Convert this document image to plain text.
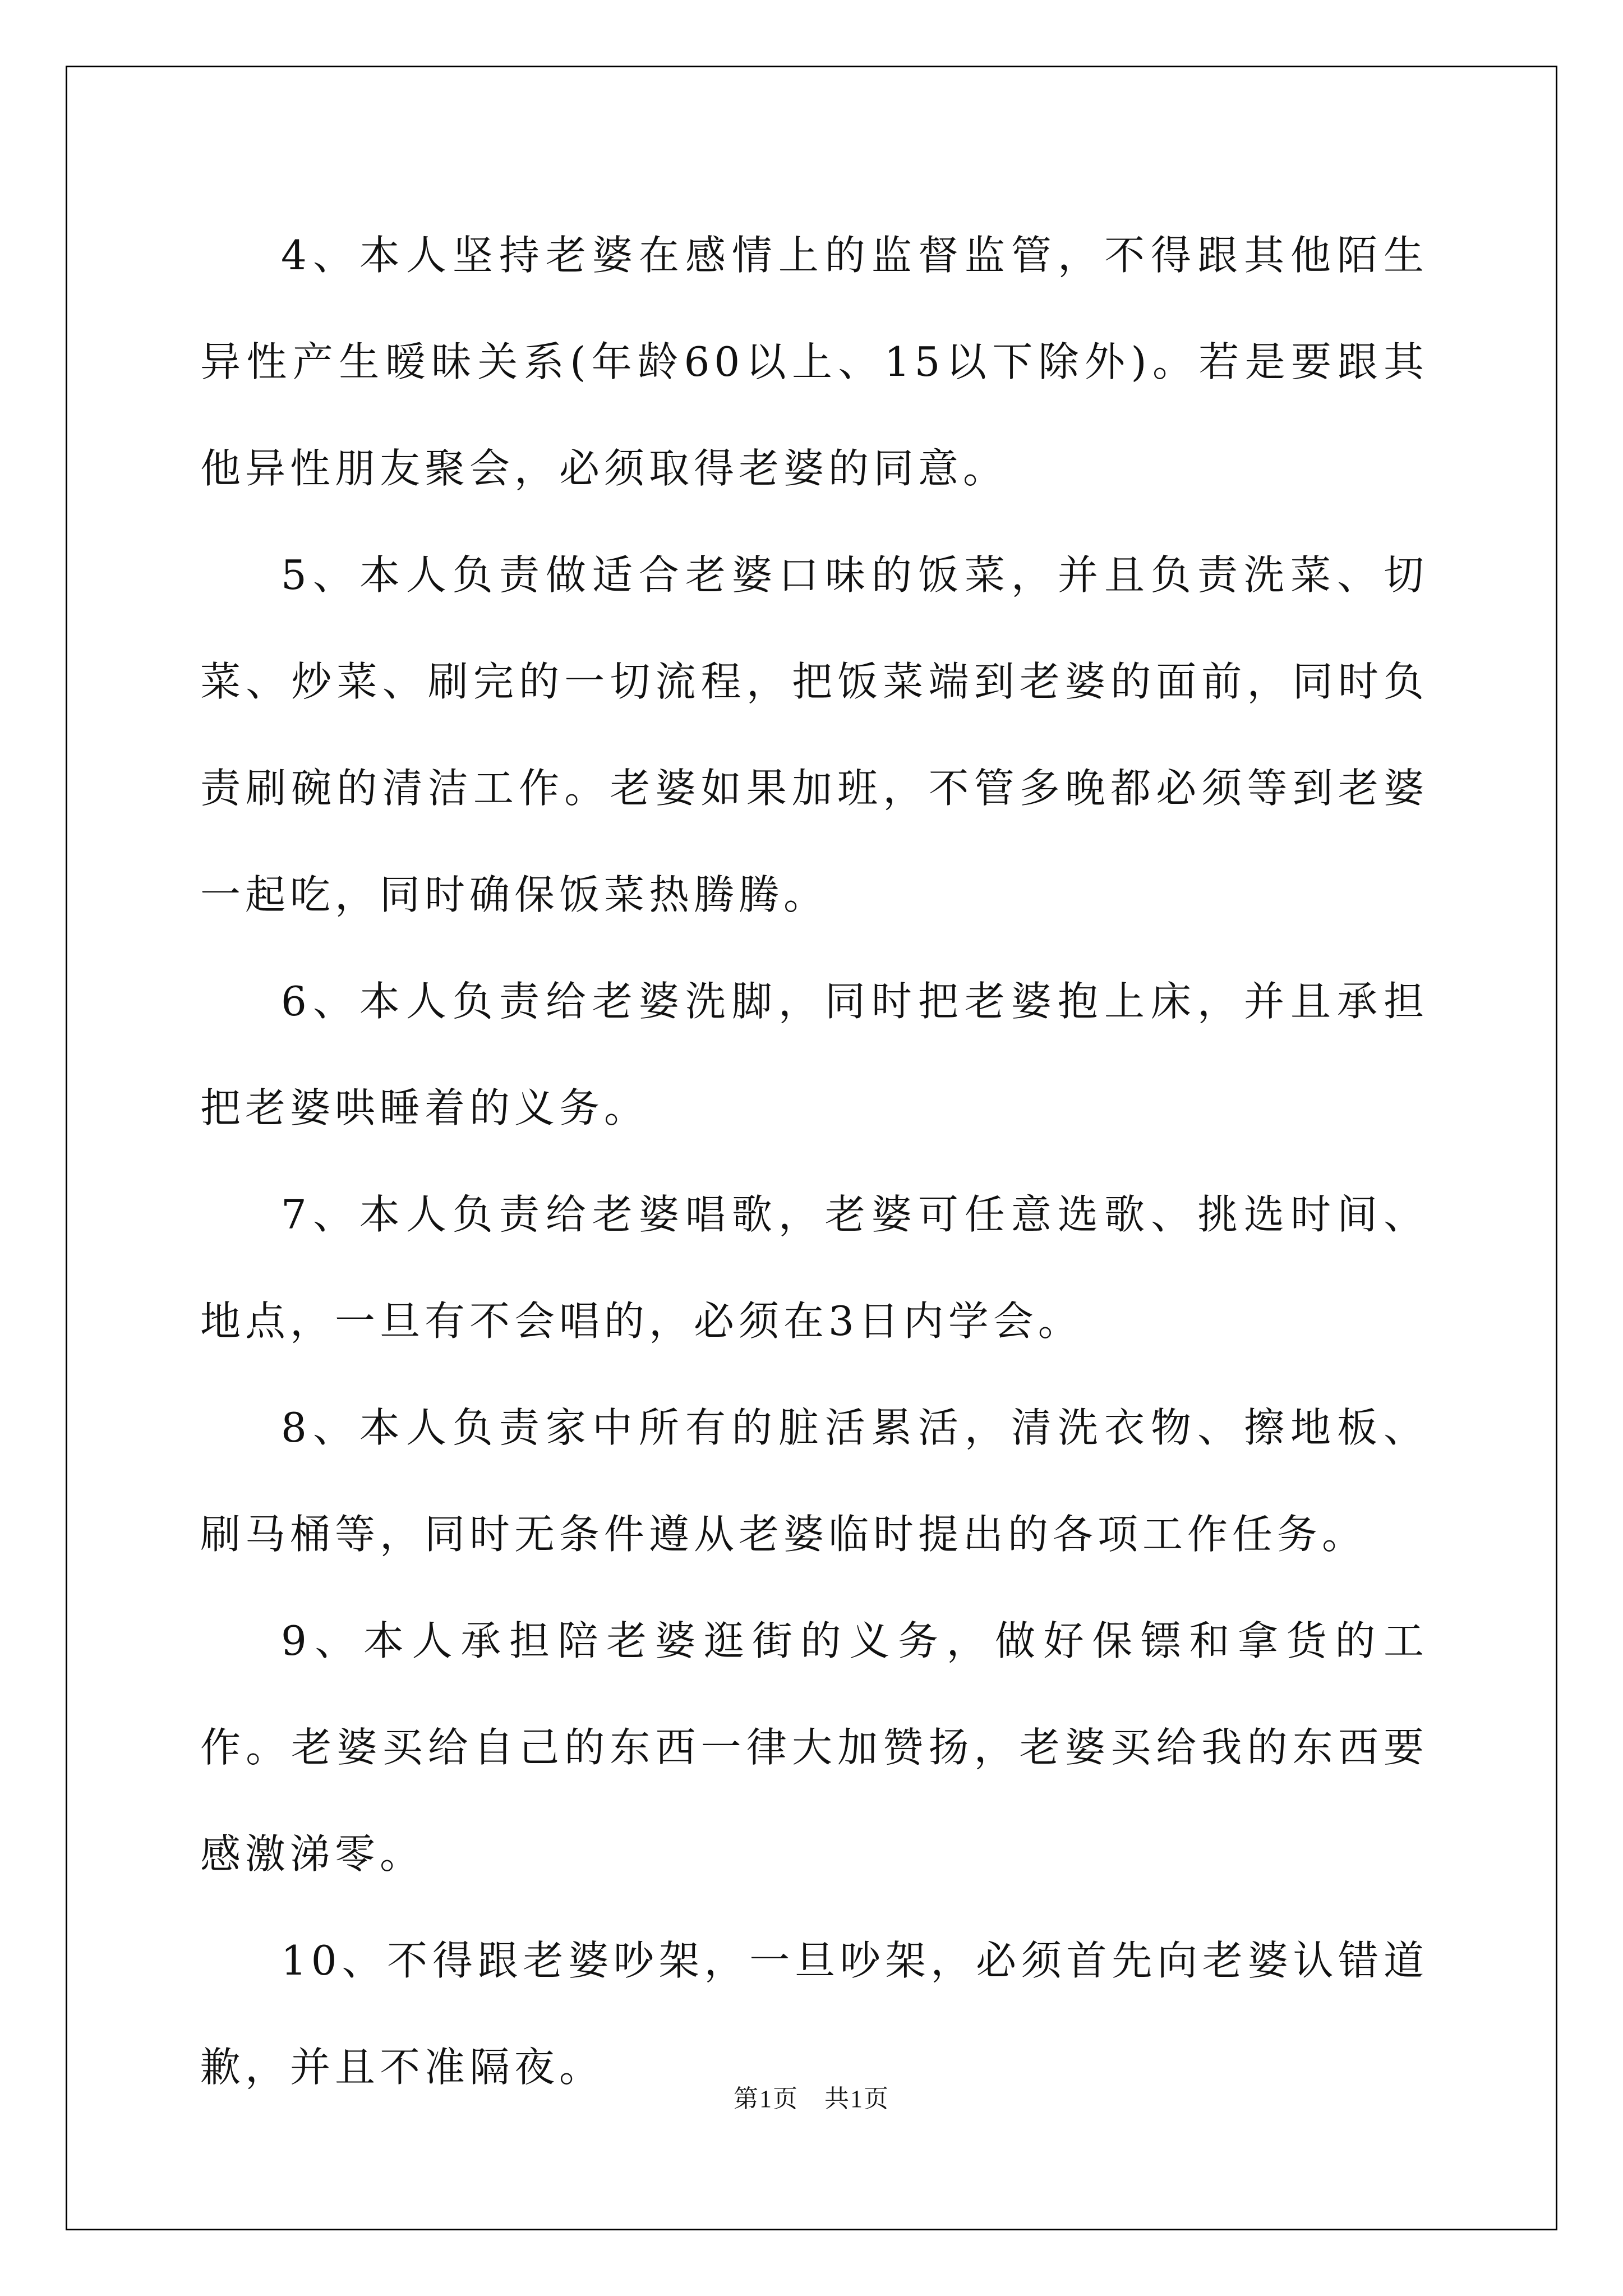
4、本人坚持老婆在感情上的监督监管，不得跟其他陌生异性产生暧昧关系(年龄60以上、15以下除外)。若是要跟其他异性朋友聚会，必须取得老婆的同意。

5、本人负责做适合老婆口味的饭菜，并且负责洗菜、切菜、炒菜、刷完的一切流程，把饭菜端到老婆的面前，同时负责刷碗的清洁工作。老婆如果加班，不管多晚都必须等到老婆一起吃，同时确保饭菜热腾腾。

6、本人负责给老婆洗脚，同时把老婆抱上床，并且承担把老婆哄睡着的义务。

7、本人负责给老婆唱歌，老婆可任意选歌、挑选时间、地点，一旦有不会唱的，必须在3日内学会。

8、本人负责家中所有的脏活累活，清洗衣物、擦地板、刷马桶等，同时无条件遵从老婆临时提出的各项工作任务。

9、本人承担陪老婆逛街的义务，做好保镖和拿货的工作。老婆买给自己的东西一律大加赞扬，老婆买给我的东西要感激涕零。

10、不得跟老婆吵架，一旦吵架，必须首先向老婆认错道歉，并且不准隔夜。

第1页　共1页
